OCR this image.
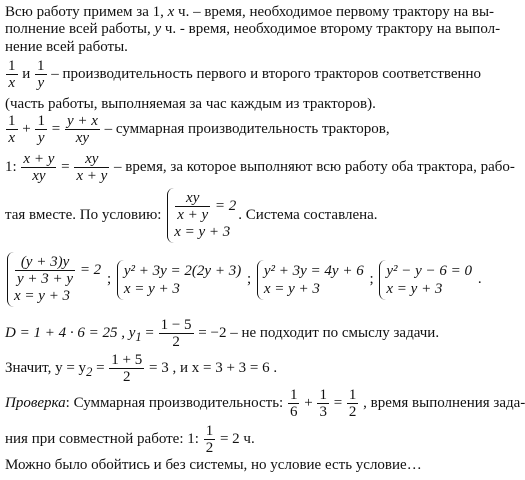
Всю работу примем за 1, x ч. – время, необходимое первому трактору на вы-
полнение всей работы, y ч. - время, необходимое второму трактору на выпол-
нение всей работы.
$\frac{1}{x}$ и $\frac{1}{y}$ – производительность первого и второго тракторов соответственно
(часть работы, выполняемая за час каждым из тракторов).
$\frac{1}{x} + \frac{1}{y} = \frac{y + x}{xy}$ – суммарная производительность тракторов,
1: $\frac{x + y}{xy} = \frac{xy}{x + y}$ – время, за которое выполняют всю работу оба трактора, рабо-
тая вместе. По условию: $\frac{xy}{x + y} = 2$
x = y + 3
. Система составлена.
$\frac{(y + 3)y}{y + 3 + y} = 2$
x = y + 3
;
y² + 3y = 2(2y + 3)
x = y + 3
;
y² + 3y = 4y + 6
x = y + 3
;
y² − y − 6 = 0
x = y + 3
.
D = 1 + 4 · 6 = 25 , $y_1 = \frac{1 - 5}{2} = -2$ – не подходит по смыслу задачи.
Значит, $y = y_2 = \frac{1 + 5}{2} = 3$ , и x = 3 + 3 = 6 .
Проверка: Суммарная производительность: $\frac{1}{6} + \frac{1}{3} = \frac{1}{2}$ , время выполнения зада-
ния при совместной работе: 1: $\frac{1}{2} = 2$ ч.
Можно было обойтись и без системы, но условие есть условие…
